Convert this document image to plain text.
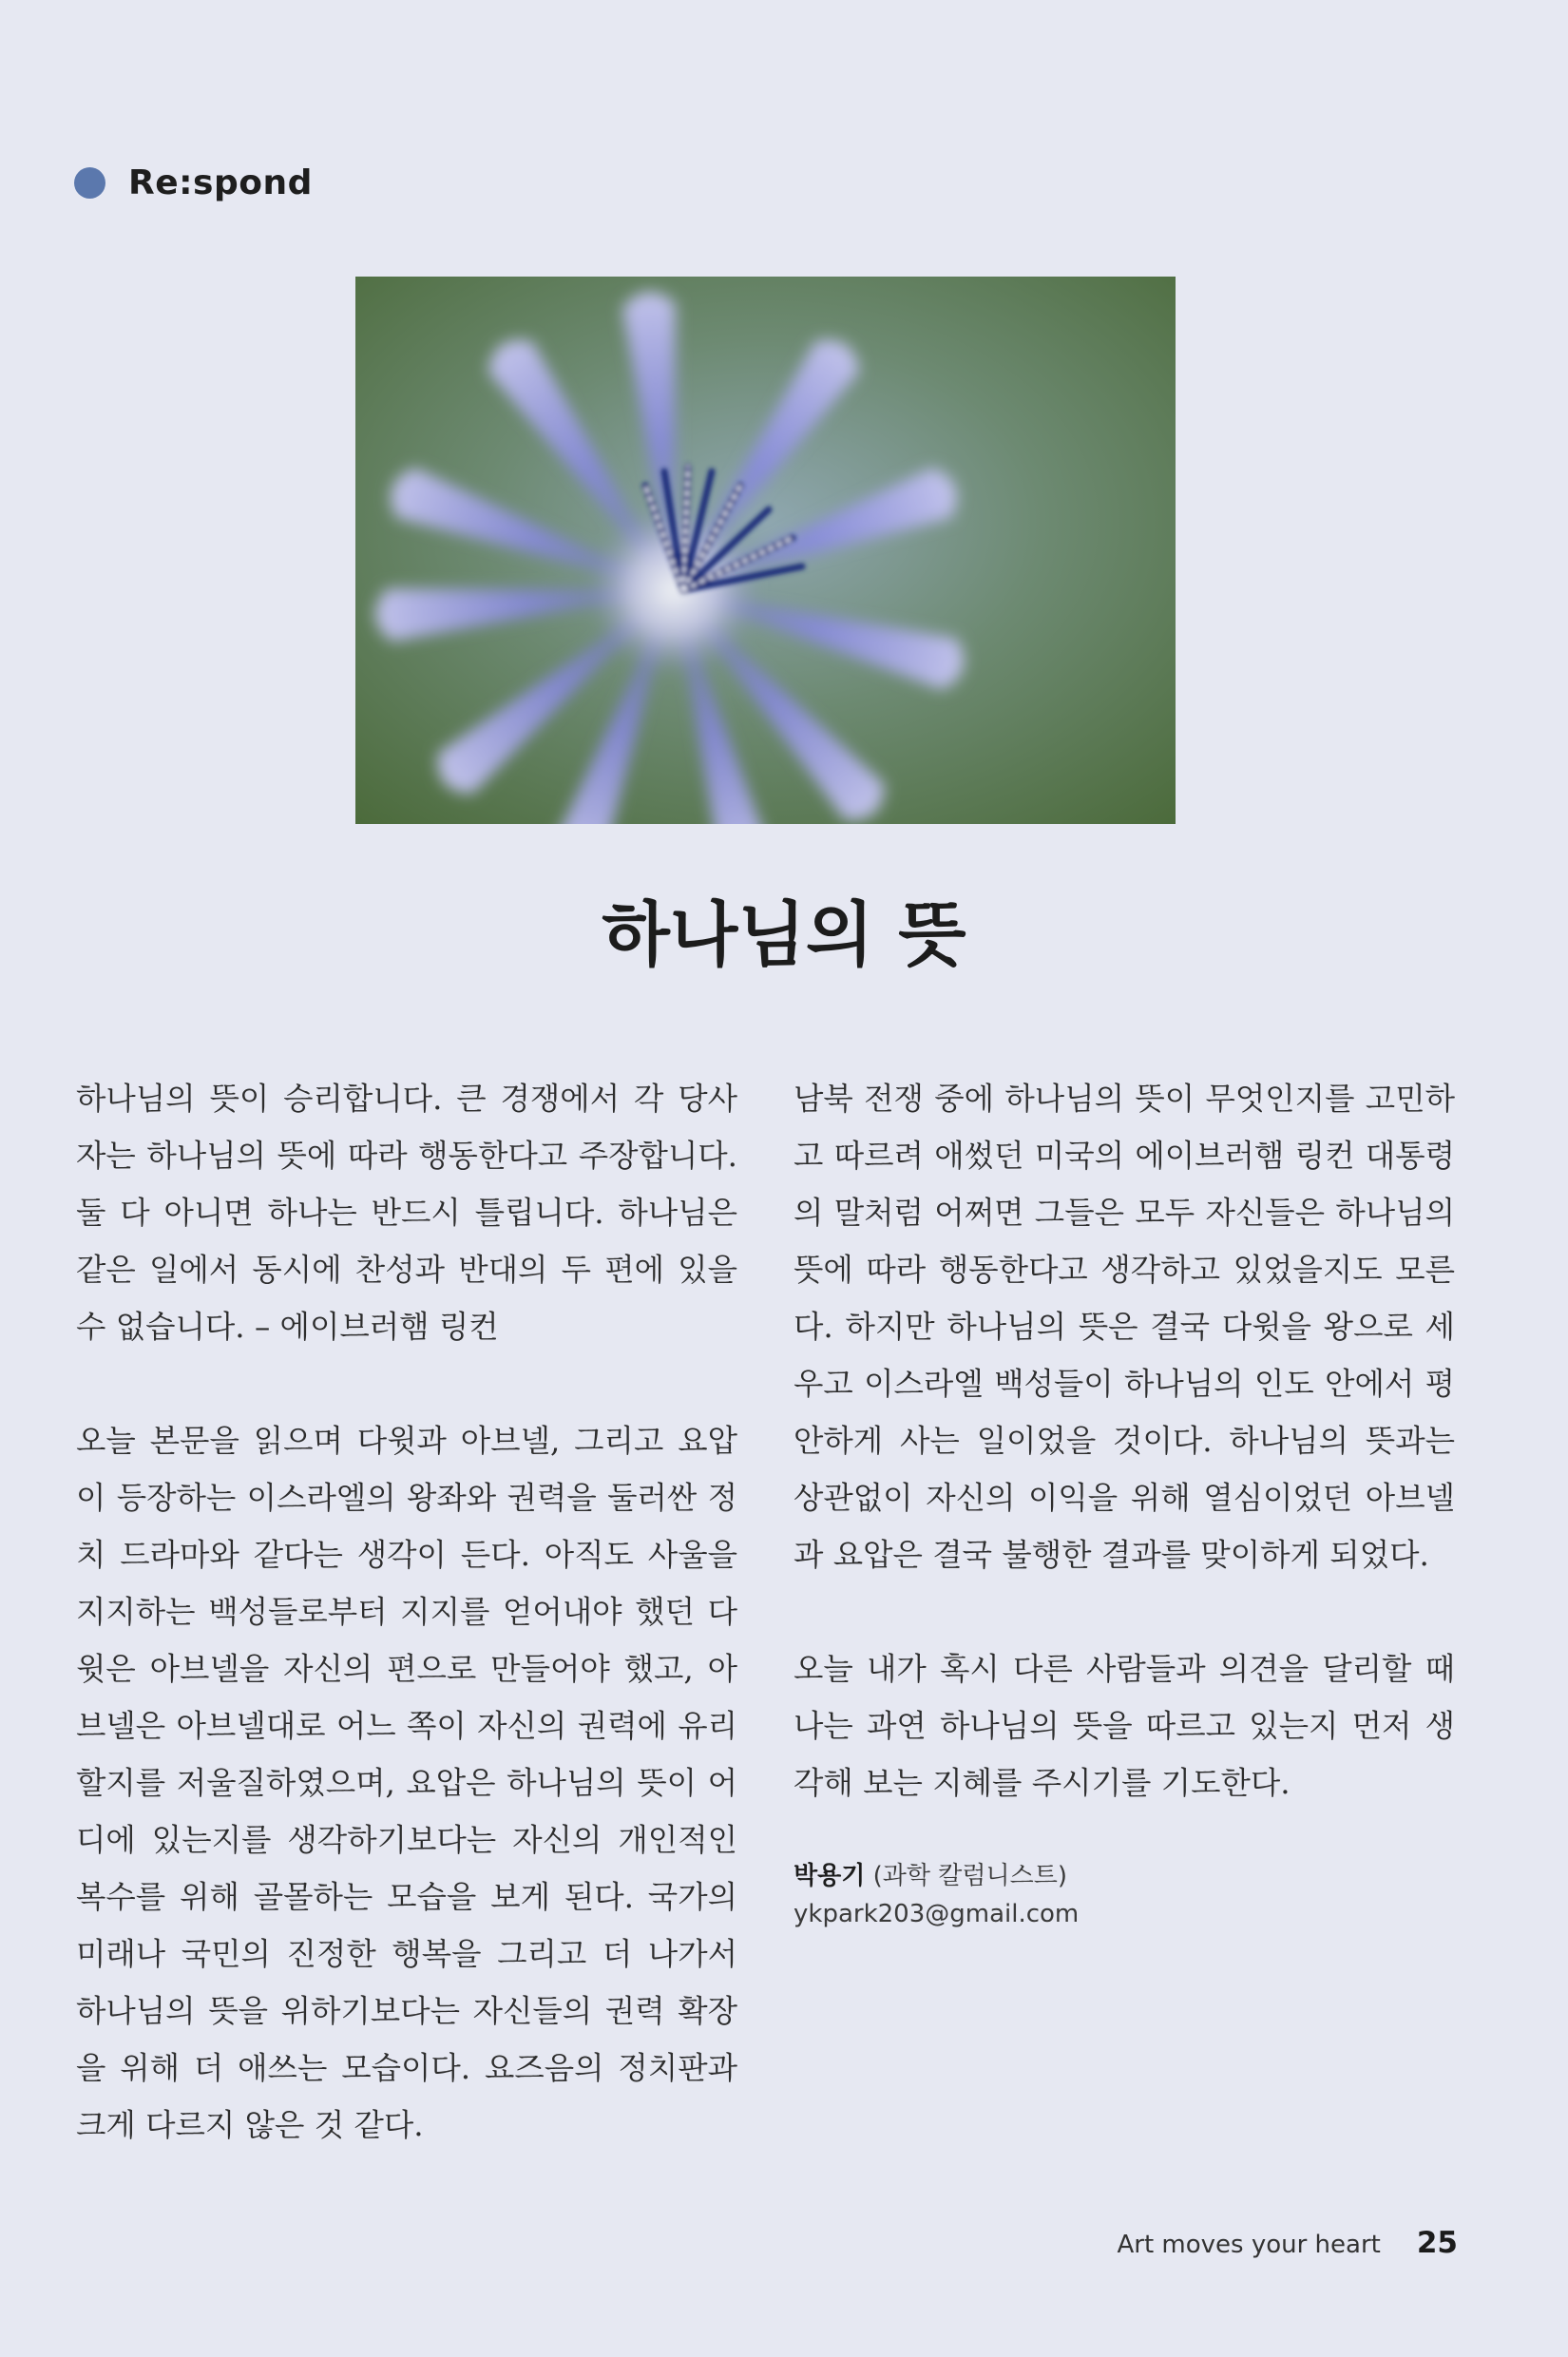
Re:spond
하나님의 뜻

하나님의 뜻이 승리합니다. 큰 경쟁에서 각 당사자는 하나님의 뜻에 따라 행동한다고 주장합니다. 둘 다 아니면 하나는 반드시 틀립니다. 하나님은 같은 일에서 동시에 찬성과 반대의 두 편에 있을 수 없습니다. – 에이브러햄 링컨

오늘 본문을 읽으며 다윗과 아브넬, 그리고 요압이 등장하는 이스라엘의 왕좌와 권력을 둘러싼 정치 드라마와 같다는 생각이 든다. 아직도 사울을 지지하는 백성들로부터 지지를 얻어내야 했던 다윗은 아브넬을 자신의 편으로 만들어야 했고, 아브넬은 아브넬대로 어느 쪽이 자신의 권력에 유리할지를 저울질하였으며, 요압은 하나님의 뜻이 어디에 있는지를 생각하기보다는 자신의 개인적인 복수를 위해 골몰하는 모습을 보게 된다. 국가의 미래나 국민의 진정한 행복을 그리고 더 나가서 하나님의 뜻을 위하기보다는 자신들의 권력 확장을 위해 더 애쓰는 모습이다. 요즈음의 정치판과 크게 다르지 않은 것 같다.

남북 전쟁 중에 하나님의 뜻이 무엇인지를 고민하고 따르려 애썼던 미국의 에이브러햄 링컨 대통령의 말처럼 어쩌면 그들은 모두 자신들은 하나님의 뜻에 따라 행동한다고 생각하고 있었을지도 모른다. 하지만 하나님의 뜻은 결국 다윗을 왕으로 세우고 이스라엘 백성들이 하나님의 인도 안에서 평안하게 사는 일이었을 것이다. 하나님의 뜻과는 상관없이 자신의 이익을 위해 열심이었던 아브넬과 요압은 결국 불행한 결과를 맞이하게 되었다.

오늘 내가 혹시 다른 사람들과 의견을 달리할 때 나는 과연 하나님의 뜻을 따르고 있는지 먼저 생각해 보는 지혜를 주시기를 기도한다.

박용기 (과학 칼럼니스트)
ykpark203@gmail.com
Art moves your heart 25
